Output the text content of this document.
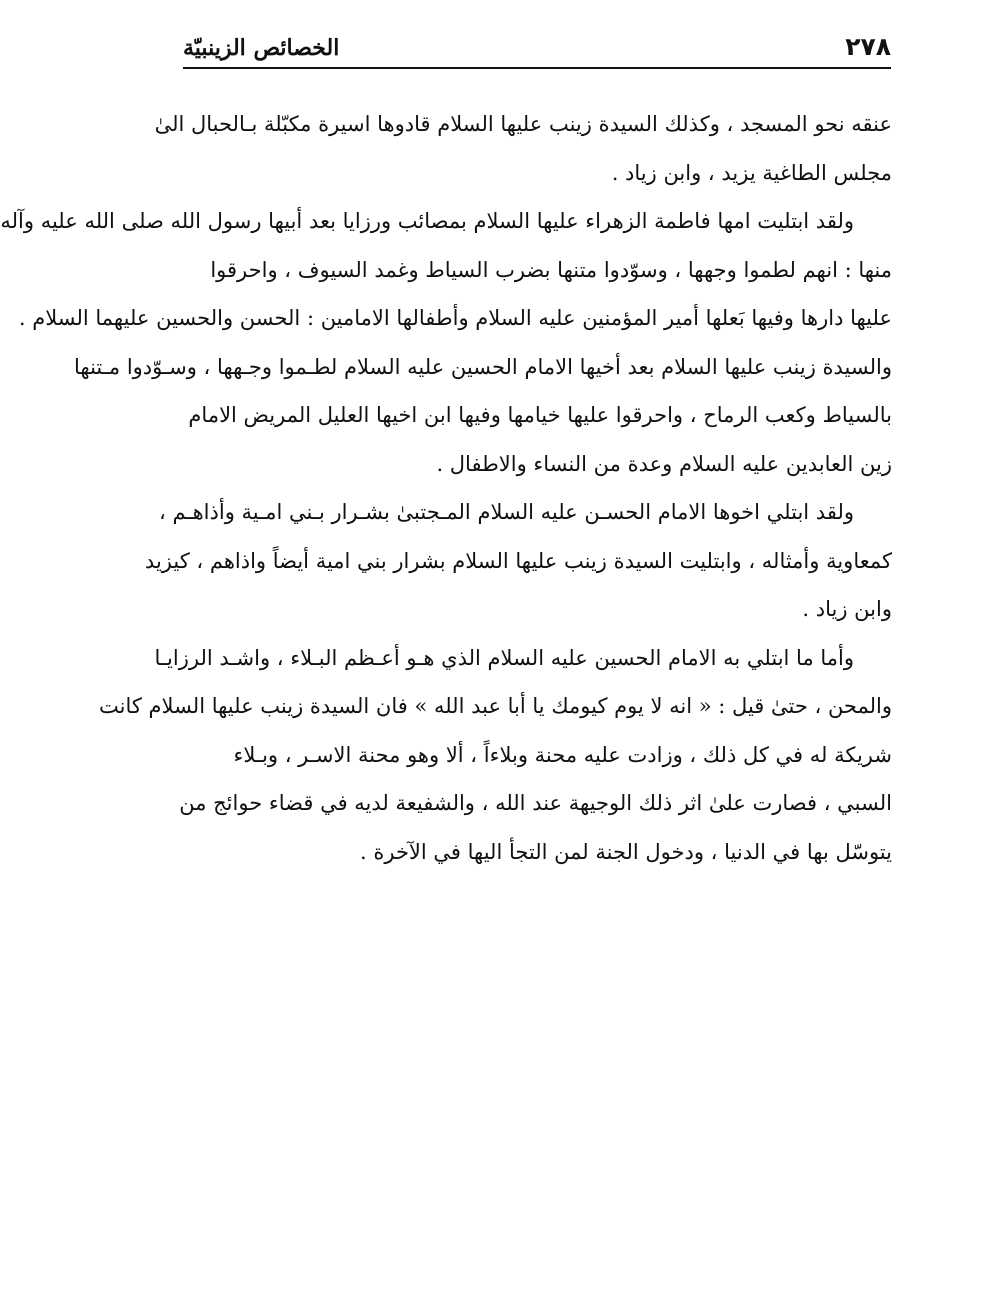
٢٧٨
الخصائص الزينبيّة
عنقه نحو المسجد ، وكذلك السيدة زينب عليها السلام قادوها اسيرة مكبّلة بـالحبال الىٰ
مجلس الطاغية يزيد ، وابن زياد .
ولقد ابتليت امها فاطمة الزهراء عليها السلام بمصائب ورزايا بعد أبيها رسول الله صلى الله عليه وآله
منها : انهم لطموا وجهها ، وسوّدوا متنها بضرب السياط وغمد السيوف ، واحرقوا
عليها دارها وفيها بَعلها أمير المؤمنين عليه السلام وأطفالها الامامين : الحسن والحسين عليهما السلام .
والسيدة زينب عليها السلام بعد أخيها الامام الحسين عليه السلام لطـموا وجـهها ، وسـوّدوا مـتنها
بالسياط وكعب الرماح ، واحرقوا عليها خيامها وفيها ابن اخيها العليل المريض الامام
زين العابدين عليه السلام وعدة من النساء والاطفال .
ولقد ابتلي اخوها الامام الحسـن عليه السلام المـجتبىٰ بشـرار بـني امـية وأذاهـم ،
كمعاوية وأمثاله ، وابتليت السيدة زينب عليها السلام بشرار بني امية أيضاً واذاهم ، كيزيد
وابن زياد .
وأما ما ابتلي به الامام الحسين عليه السلام الذي هـو أعـظم البـلاء ، واشـد الرزايـا
والمحن ، حتىٰ قيل : « انه لا يوم كيومك يا أبا عبد الله » فان السيدة زينب عليها السلام كانت
شريكة له في كل ذلك ، وزادت عليه محنة وبلاءاً ، ألا وهو محنة الاسـر ، وبـلاء
السبي ، فصارت علىٰ اثر ذلك الوجيهة عند الله ، والشفيعة لديه في قضاء حوائج من
يتوسّل بها في الدنيا ، ودخول الجنة لمن التجأ اليها في الآخرة .
